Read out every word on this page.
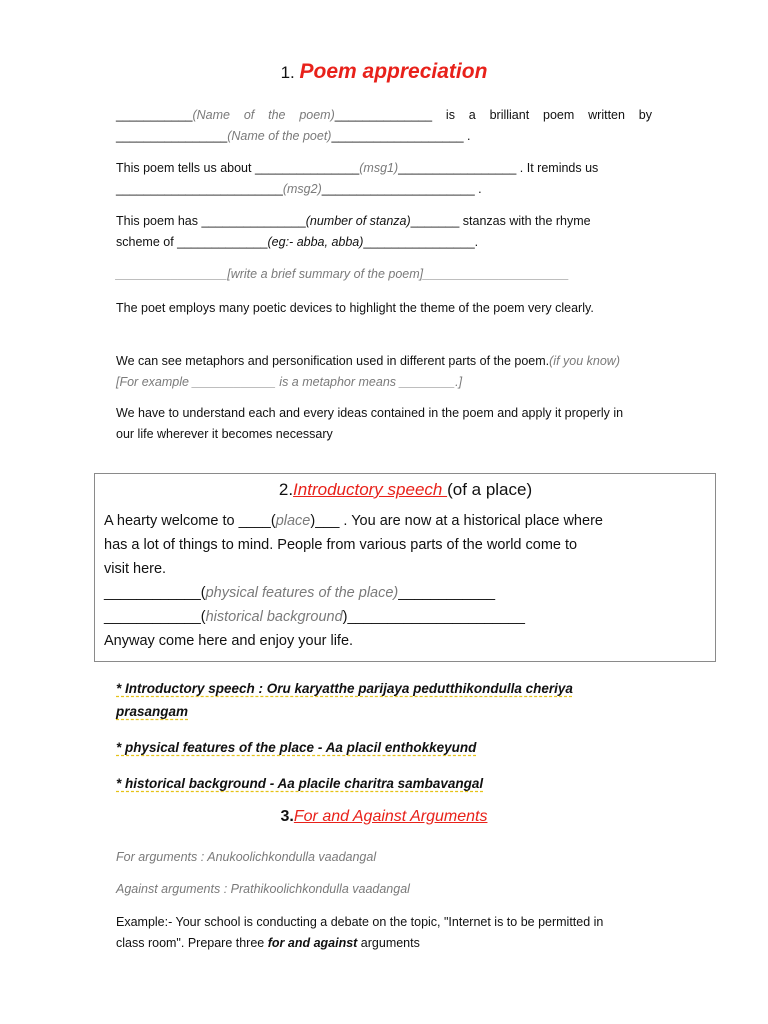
1. Poem appreciation

___________(Name of the poem)______________ is a brilliant poem written by

________________(Name of the poet)___________________ .

This poem tells us about _______________(msg1)_________________ . It reminds us

________________________(msg2)______________________ .

This poem has _______________(number of stanza)_______ stanzas with the rhyme

scheme of _____________(eg:- abba, abba)________________.

________________[write a brief summary of the poem]_____________________

The poet employs many poetic devices to highlight the theme of the poem very clearly.

We can see metaphors and personification used in different parts of the poem.(if you know)[For example ____________ is a metaphor means ________.]

We have to understand each and every ideas contained in the poem and apply it properly in our life wherever it becomes necessary

2.Introductory speech (of a place)

A hearty welcome to ____(place)___ . You are now at a historical place where

has a lot of things to mind. People from various parts of the world come to

visit here.

____________(physical features of the place)____________

____________(historical background)______________________

Anyway come here and enjoy your life.

* Introductory speech : Oru karyatthe parijaya pedutthikondulla cheriya prasangam

* physical features of the place - Aa placil enthokkeyund

* historical background - Aa placile charitra sambavangal

3.For and Against Arguments

For arguments : Anukoolichkondulla vaadangal

Against arguments : Prathikoolichkondulla vaadangal

Example:- Your school is conducting a debate on the topic, "Internet is to be permitted in class room". Prepare three for and against arguments
